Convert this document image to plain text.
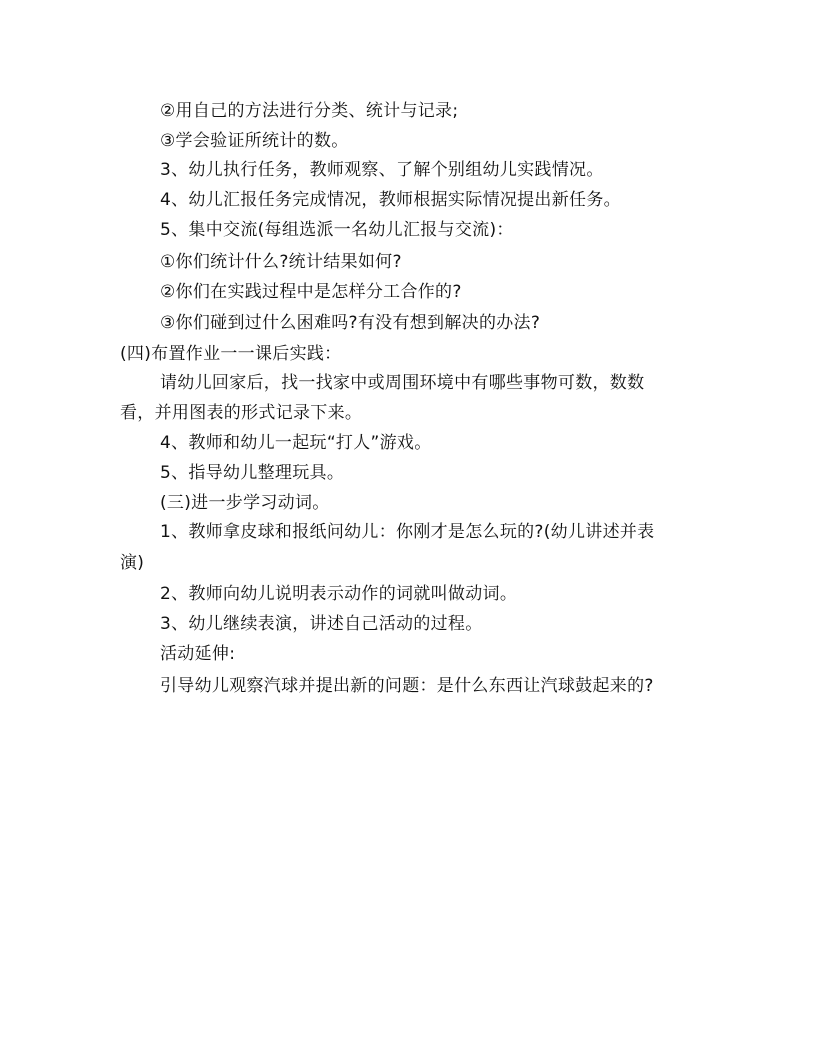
②用自己的方法进行分类、统计与记录;
③学会验证所统计的数。
3、幼儿执行任务，教师观察、了解个别组幼儿实践情况。
4、幼儿汇报任务完成情况，教师根据实际情况提出新任务。
5、集中交流(每组选派一名幼儿汇报与交流)：
①你们统计什么?统计结果如何?
②你们在实践过程中是怎样分工合作的?
③你们碰到过什么困难吗?有没有想到解决的办法?
(四)布置作业一一课后实践：
请幼儿回家后，找一找家中或周围环境中有哪些事物可数，数数
看，并用图表的形式记录下来。
4、教师和幼儿一起玩“打人”游戏。
5、指导幼儿整理玩具。
(三)进一步学习动词。
1、教师拿皮球和报纸问幼儿：你刚才是怎么玩的?(幼儿讲述并表
演)
2、教师向幼儿说明表示动作的词就叫做动词。
3、幼儿继续表演，讲述自己活动的过程。
活动延伸:
引导幼儿观察汽球并提出新的问题：是什么东西让汽球鼓起来的?
